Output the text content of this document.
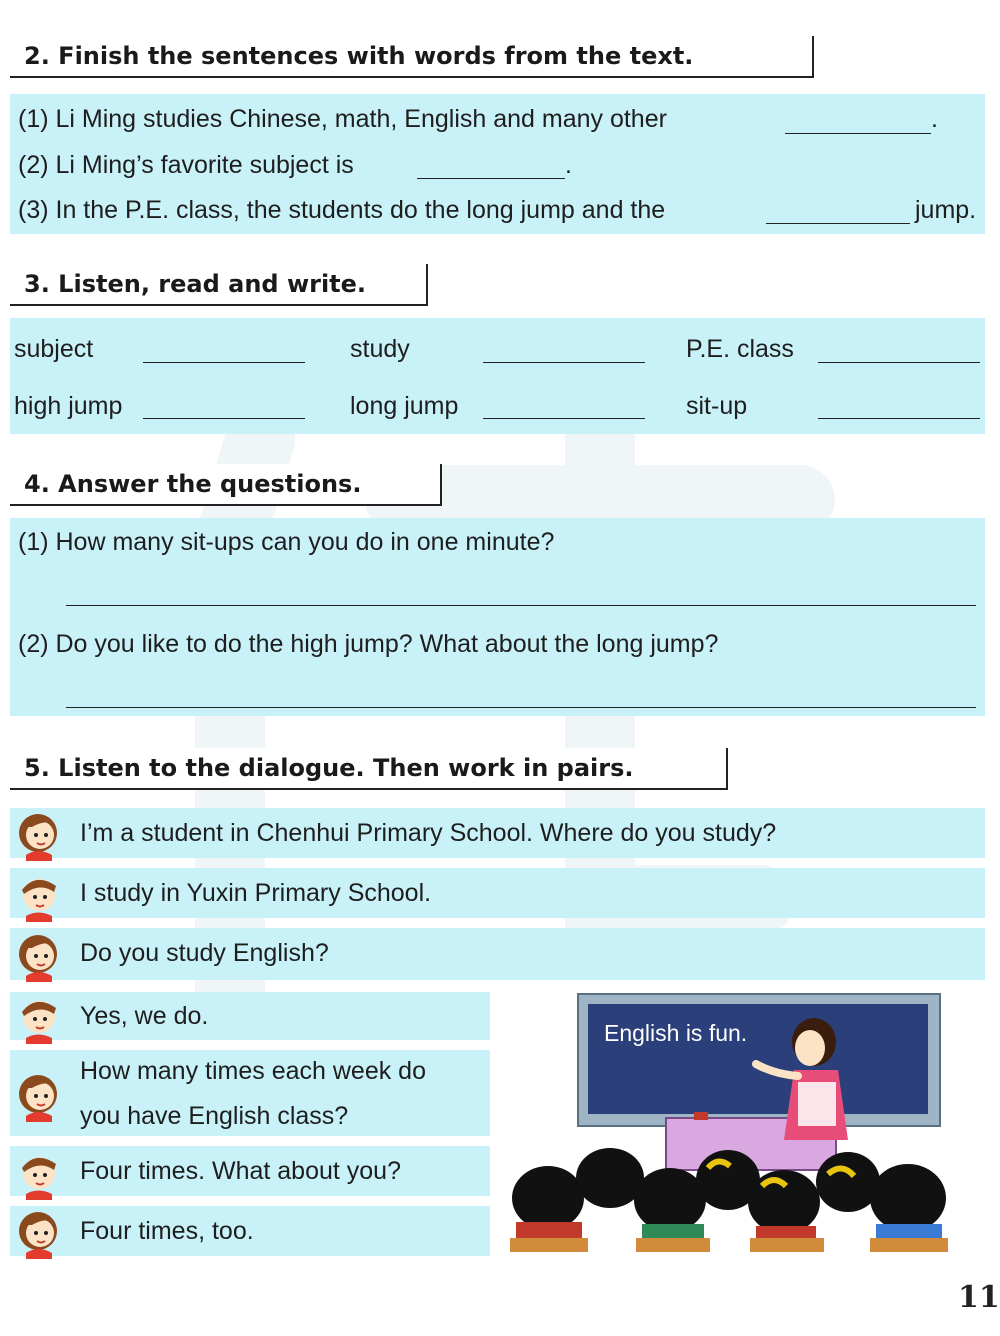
2. Finish the sentences with words from the text.
(1) Li Ming studies Chinese, math, English and many other	.
(2) Li Ming’s favorite subject is	.
(3) In the P.E. class, the students do the long jump and the	jump.
3. Listen, read and write.
subject	study	P.E. class
high jump	long jump	sit-up
4. Answer the questions.
(1) How many sit-ups can you do in one minute?
(2) Do you like to do the high jump? What about the long jump?
5. Listen to the dialogue. Then work in pairs.
I’m a student in Chenhui Primary School. Where do you study?
I study in Yuxin Primary School.
Do you study English?
Yes, we do.
How many times each week do
you have English class?
Four times. What about you?
Four times, too.
English is fun.
11
